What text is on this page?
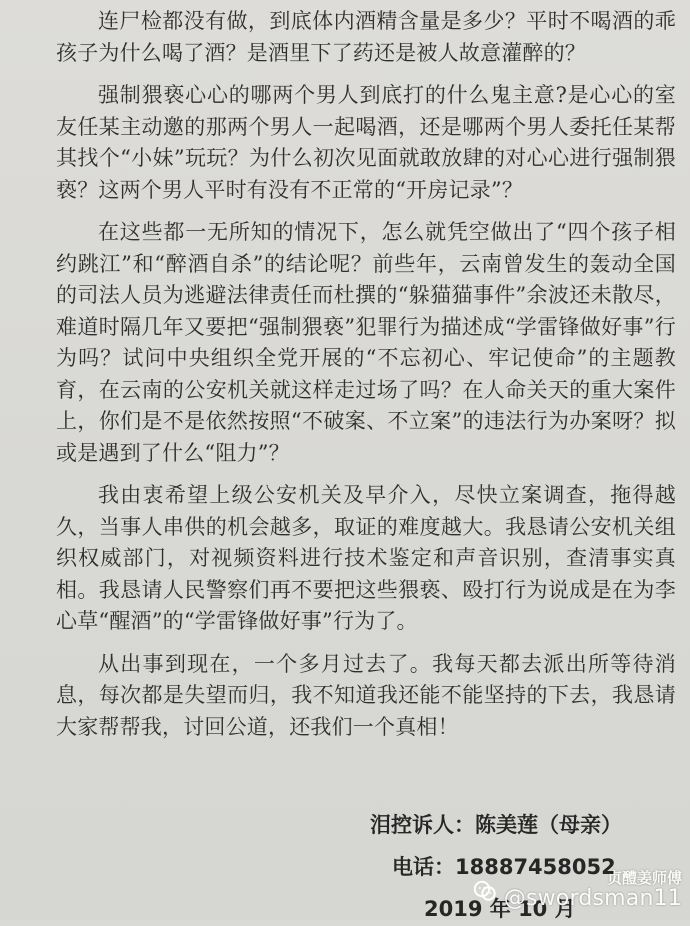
连尸检都没有做，到底体内酒精含量是多少？平时不喝酒的乖孩子为什么喝了酒？是酒里下了药还是被人故意灌醉的？

强制猥亵心心的哪两个男人到底打的什么鬼主意?是心心的室友任某主动邀的那两个男人一起喝酒，还是哪两个男人委托任某帮其找个“小妹”玩玩？为什么初次见面就敢放肆的对心心进行强制猥亵？这两个男人平时有没有不正常的“开房记录”？

在这些都一无所知的情况下，怎么就凭空做出了“四个孩子相约跳江”和“醉酒自杀”的结论呢？前些年，云南曾发生的轰动全国的司法人员为逃避法律责任而杜撰的“躲猫猫事件”余波还未散尽，难道时隔几年又要把“强制猥亵”犯罪行为描述成“学雷锋做好事”行为吗？试问中央组织全党开展的“不忘初心、牢记使命”的主题教育，在云南的公安机关就这样走过场了吗？在人命关天的重大案件上，你们是不是依然按照“不破案、不立案”的违法行为办案呀？拟或是遇到了什么“阻力”？

我由衷希望上级公安机关及早介入，尽快立案调查，拖得越久，当事人串供的机会越多，取证的难度越大。我恳请公安机关组织权威部门，对视频资料进行技术鉴定和声音识别，查清事实真相。我恳请人民警察们再不要把这些猥亵、殴打行为说成是在为李心草“醒酒”的“学雷锋做好事”行为了。

从出事到现在，一个多月过去了。我每天都去派出所等待消息，每次都是失望而归，我不知道我还能不能坚持的下去，我恳请大家帮帮我，讨回公道，还我们一个真相！

泪控诉人：陈美莲（母亲）
电话：18887458052
2019 年 10 月
贞醴姜师傅
@swordsman11
